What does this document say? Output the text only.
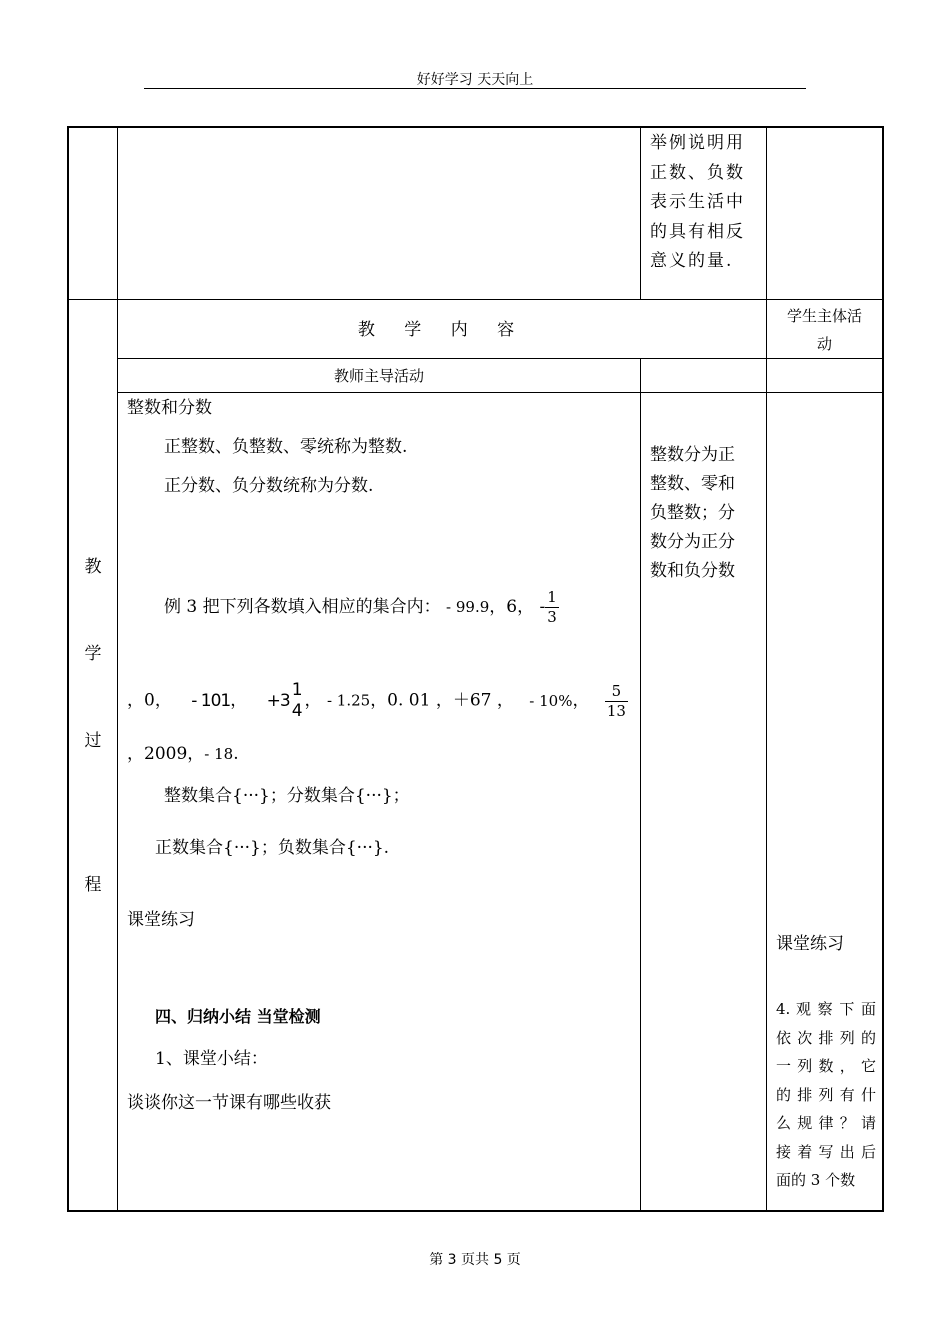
好好学习 天天向上
第 3 页共 5 页
举例说明用
正数、负数
表示生活中
的具有相反
意义的量.
教
学
过
程
教 学 内 容
学生主体活
动
教师主导活动
整数和分数
正整数、负整数、零统称为整数.
正分数、负分数统称为分数.
例 3 把下列各数填入相应的集合内： - 99.9，6， - $\frac{1}{3}$
，0， - 101， +3
1
4
， - 1.25，0. 01 ，＋67 ， - 10%， $\frac{5}{13}$
，2009，- 18.
整数集合{···}；分数集合{···}；
正数集合{···}；负数集合{···}.
课堂练习
四、归纳小结 当堂检测
1、课堂小结：
谈谈你这一节课有哪些收获
整数分为正
整数、零和
负整数；分
数分为正分
数和负分数
课堂练习
4. 观 察 下 面
依 次 排 列 的
一 列 数 ， 它
的 排 列 有 什
么 规 律 ？ 请
接 着 写 出 后
面的 3 个数
